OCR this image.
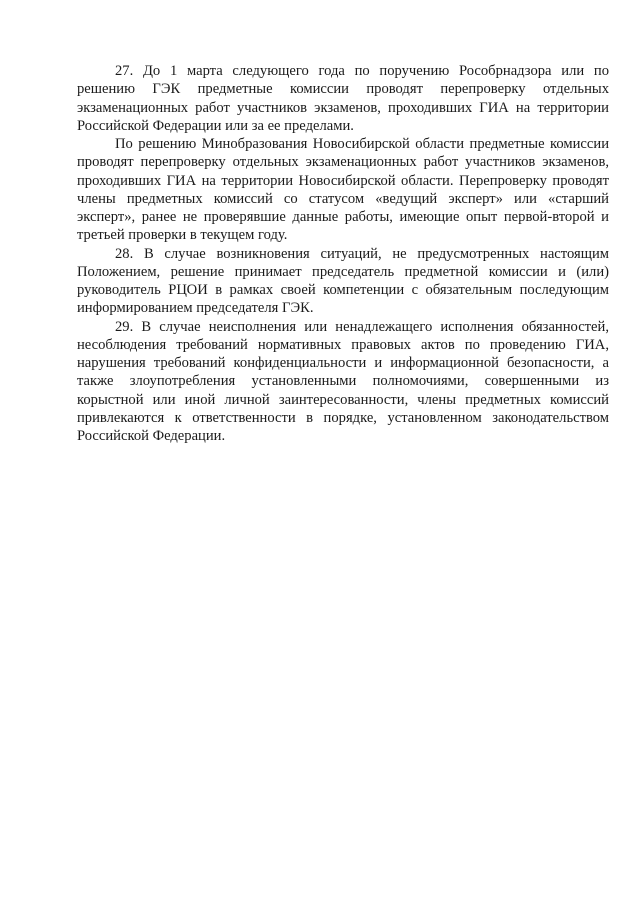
27. До 1 марта следующего года по поручению Рособрнадзора или по решению ГЭК предметные комиссии проводят перепроверку отдельных экзаменационных работ участников экзаменов, проходивших ГИА на территории Российской Федерации или за ее пределами.

По решению Минобразования Новосибирской области предметные комиссии проводят перепроверку отдельных экзаменационных работ участников экзаменов, проходивших ГИА на территории Новосибирской области. Перепроверку проводят члены предметных комиссий со статусом «ведущий эксперт» или «старший эксперт», ранее не проверявшие данные работы, имеющие опыт первой-второй и третьей проверки в текущем году.

28. В случае возникновения ситуаций, не предусмотренных настоящим Положением, решение принимает председатель предметной комиссии и (или) руководитель РЦОИ в рамках своей компетенции с обязательным последующим информированием председателя ГЭК.

29. В случае неисполнения или ненадлежащего исполнения обязанностей, несоблюдения требований нормативных правовых актов по проведению ГИА, нарушения требований конфиденциальности и информационной безопасности, а также злоупотребления установленными полномочиями, совершенными из корыстной или иной личной заинтересованности, члены предметных комиссий привлекаются к ответственности в порядке, установленном законодательством Российской Федерации.
